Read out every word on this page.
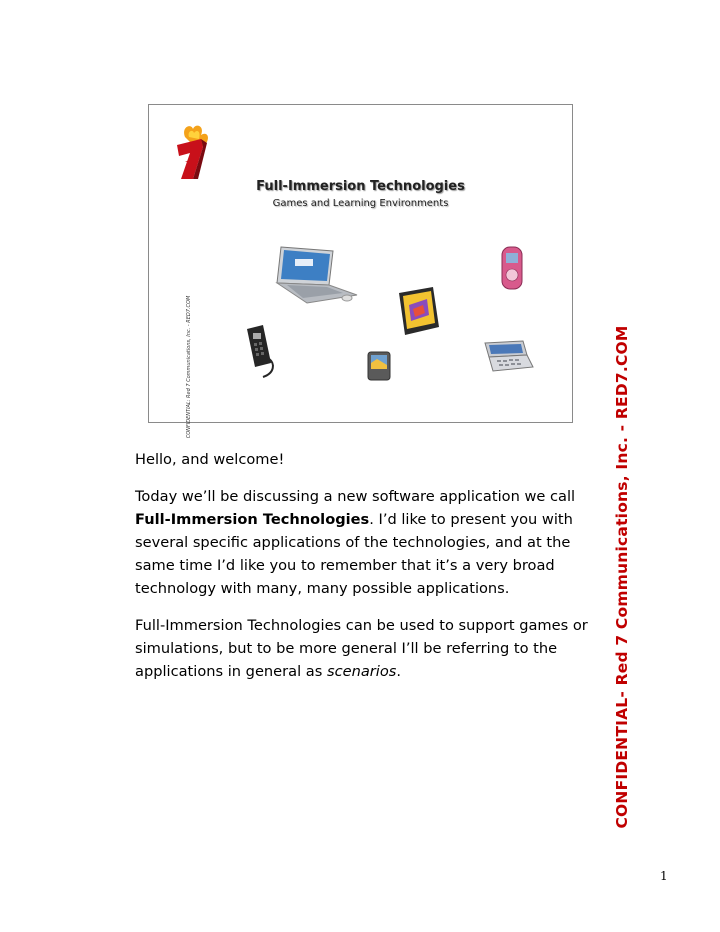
7
CONFIDENTIAL: Red 7 Communications, Inc. - RED7.COM
Full-Immersion Technologies
Games and Learning Environments
CONFIDENTIAL- Red 7 Communications, Inc. - RED7.COM

Hello, and welcome!

Today we’ll be discussing a new software application we call Full-Immersion Technologies. I’d like to present you with several specific applications of the technologies, and at the same time I’d like you to remember that it’s a very broad technology with many, many possible applications.

Full-Immersion Technologies can be used to support games or simulations, but to be more general I’ll be referring to the applications in general as scenarios.

1
